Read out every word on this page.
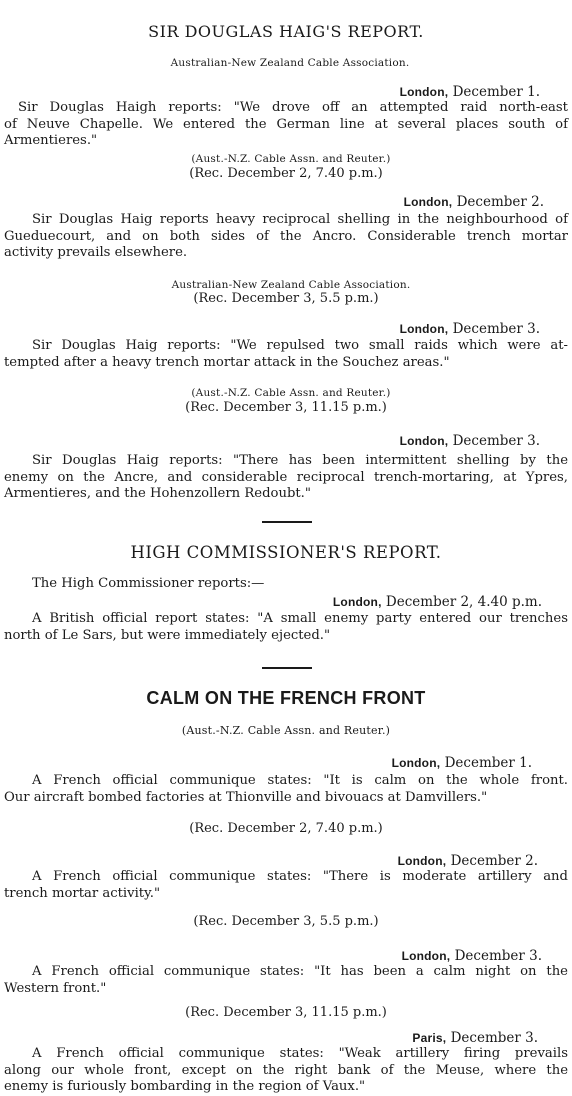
SIR DOUGLAS HAIG'S REPORT.
Australian-New Zealand Cable Association.
London, December 1.
Sir Douglas Haigh reports: "We drove off an attempted raid north-east
of Neuve Chapelle. We entered the German line at several places south of
Armentieres."
(Aust.-N.Z. Cable Assn. and Reuter.)
(Rec. December 2, 7.40 p.m.)
London, December 2.
Sir Douglas Haig reports heavy reciprocal shelling in the neighbourhood of
Gueduecourt, and on both sides of the Ancro. Considerable trench mortar
activity prevails elsewhere.
Australian-New Zealand Cable Association.
(Rec. December 3, 5.5 p.m.)
London, December 3.
Sir Douglas Haig reports: "We repulsed two small raids which were at-
tempted after a heavy trench mortar attack in the Souchez areas."
(Aust.-N.Z. Cable Assn. and Reuter.)
(Rec. December 3, 11.15 p.m.)
London, December 3.
Sir Douglas Haig reports: "There has been intermittent shelling by the
enemy on the Ancre, and considerable reciprocal trench-mortaring, at Ypres,
Armentieres, and the Hohenzollern Redoubt."
HIGH COMMISSIONER'S REPORT.
The High Commissioner reports:—
London, December 2, 4.40 p.m.
A British official report states: "A small enemy party entered our trenches
north of Le Sars, but were immediately ejected."
CALM ON THE FRENCH FRONT
(Aust.-N.Z. Cable Assn. and Reuter.)
London, December 1.
A French official communique states: "It is calm on the whole front.
Our aircraft bombed factories at Thionville and bivouacs at Damvillers."
(Rec. December 2, 7.40 p.m.)
London, December 2.
A French official communique states: "There is moderate artillery and
trench mortar activity."
(Rec. December 3, 5.5 p.m.)
London, December 3.
A French official communique states: "It has been a calm night on the
Western front."
(Rec. December 3, 11.15 p.m.)
Paris, December 3.
A French official communique states: "Weak artillery firing prevails
along our whole front, except on the right bank of the Meuse, where the
enemy is furiously bombarding in the region of Vaux."
